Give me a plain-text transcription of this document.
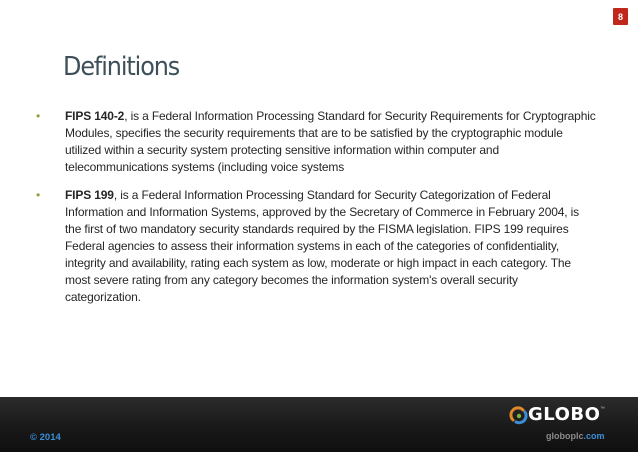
8
Definitions
• FIPS 140-2, is a Federal Information Processing Standard for Security Requirements for Cryptographic Modules, specifies the security requirements that are to be satisfied by the cryptographic module utilized within a security system protecting sensitive information within computer and telecommunications systems (including voice systems
• FIPS 199, is a Federal Information Processing Standard for Security Categorization of Federal Information and Information Systems, approved by the Secretary of Commerce in February 2004, is the first of two mandatory security standards required by the FISMA legislation. FIPS 199 requires Federal agencies to assess their information systems in each of the categories of confidentiality, integrity and availability, rating each system as low, moderate or high impact in each category. The most severe rating from any category becomes the information system's overall security categorization.
© 2014
GLOBO ™
globoplc.com
